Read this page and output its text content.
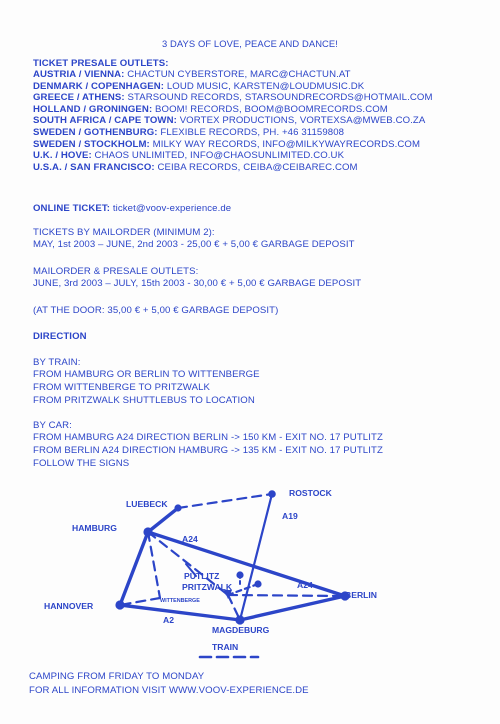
3 DAYS OF LOVE, PEACE AND DANCE!
TICKET PRESALE OUTLETS:
AUSTRIA / VIENNA: CHACTUN CYBERSTORE, MARC@CHACTUN.AT
DENMARK / COPENHAGEN: LOUD MUSIC, KARSTEN@LOUDMUSIC.DK
GREECE / ATHENS: STARSOUND RECORDS, STARSOUNDRECORDS@HOTMAIL.COM
HOLLAND / GRONINGEN: BOOM! RECORDS, BOOM@BOOMRECORDS.COM
SOUTH AFRICA / CAPE TOWN: VORTEX PRODUCTIONS, VORTEXSA@MWEB.CO.ZA
SWEDEN / GOTHENBURG: FLEXIBLE RECORDS, PH. +46 31159808
SWEDEN / STOCKHOLM: MILKY WAY RECORDS, INFO@MILKYWAYRECORDS.COM
U.K. / HOVE: CHAOS UNLIMITED, INFO@CHAOSUNLIMITED.CO.UK
U.S.A. / SAN FRANCISCO: CEIBA RECORDS, CEIBA@CEIBAREC.COM
ONLINE TICKET: ticket@voov-experience.de
TICKETS BY MAILORDER (MINIMUM 2):
MAY, 1st 2003 – JUNE, 2nd 2003 - 25,00 € + 5,00 € GARBAGE DEPOSIT
MAILORDER & PRESALE OUTLETS:
JUNE, 3rd 2003 – JULY, 15th 2003 - 30,00 € + 5,00 € GARBAGE DEPOSIT
(AT THE DOOR: 35,00 € + 5,00 € GARBAGE DEPOSIT)
DIRECTION
BY TRAIN:
FROM HAMBURG OR BERLIN TO WITTENBERGE
FROM WITTENBERGE TO PRITZWALK
FROM PRITZWALK SHUTTLEBUS TO LOCATION
BY CAR:
FROM HAMBURG A24 DIRECTION BERLIN -> 150 KM - EXIT NO. 17 PUTLITZ
FROM BERLIN A24 DIRECTION HAMBURG -> 135 KM - EXIT NO. 17 PUTLITZ
FOLLOW THE SIGNS
LUEBECK
ROSTOCK
HAMBURG
PUTLITZ
PRITZWALK
BERLIN
HANNOVER
MAGDEBURG
TRAIN
A24
A24
A19
A2
WITTENBERGE
CAMPING FROM FRIDAY TO MONDAY
FOR ALL INFORMATION VISIT WWW.VOOV-EXPERIENCE.DE
